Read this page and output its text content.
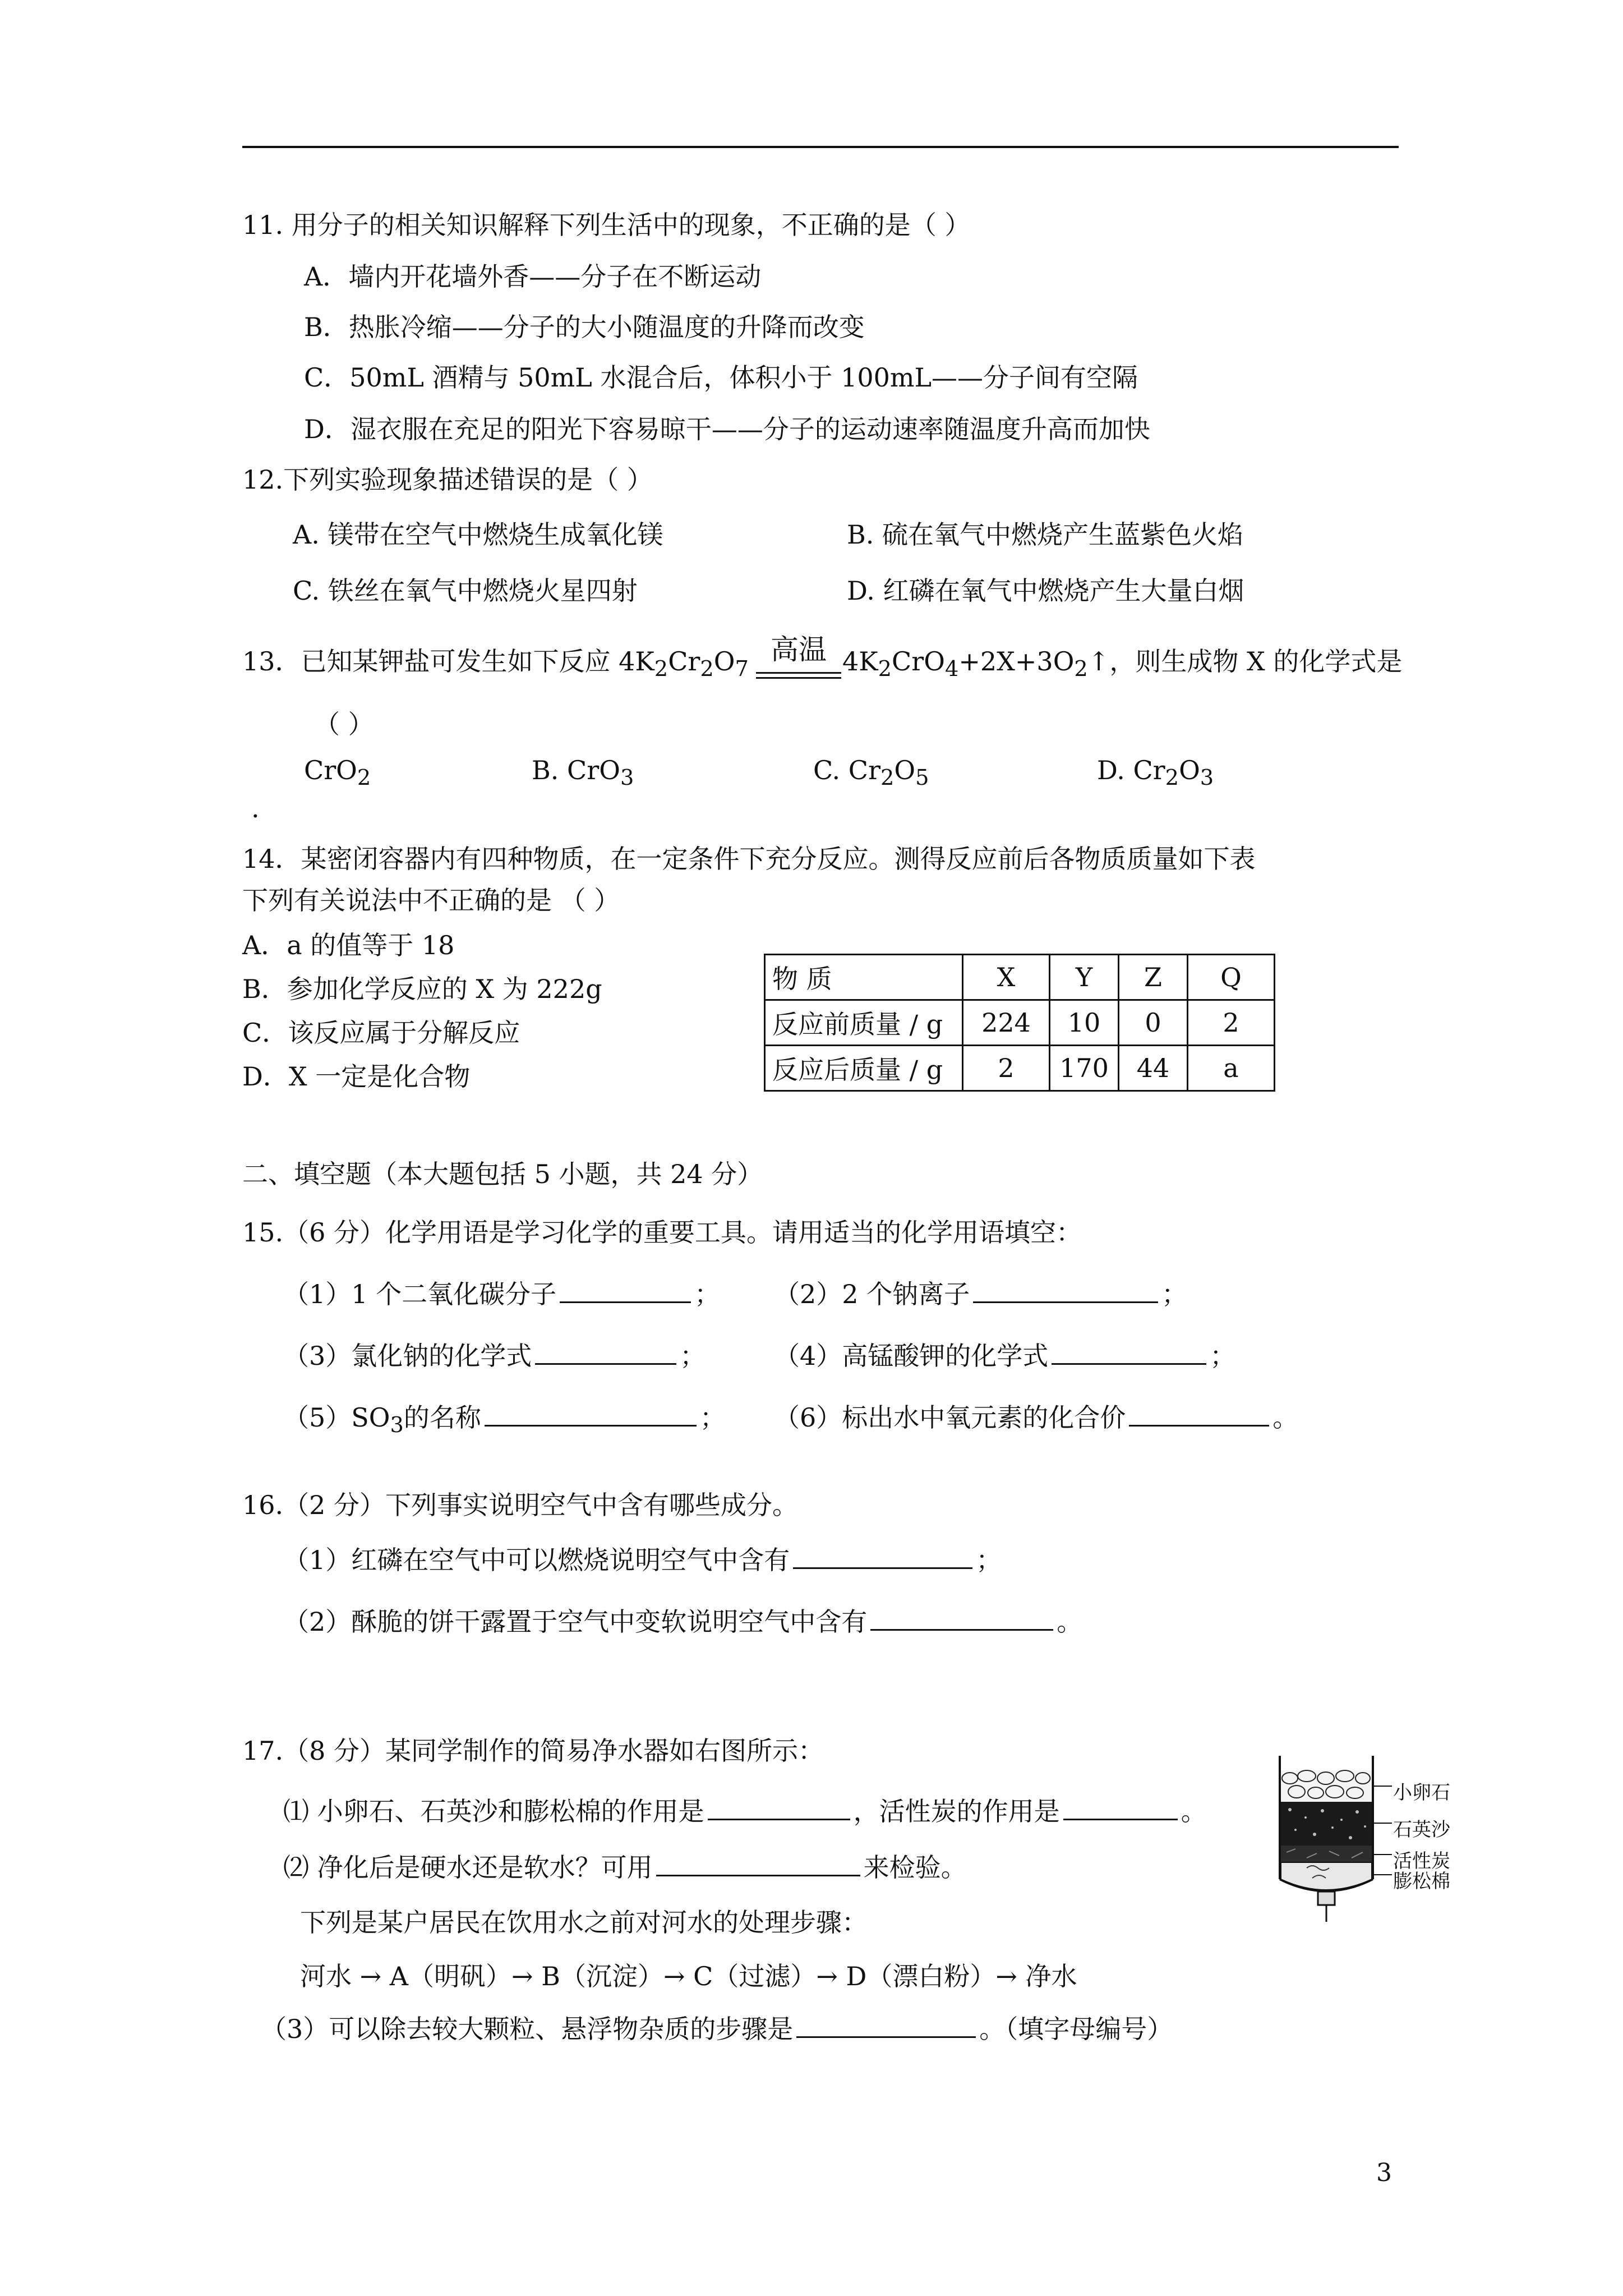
11. 用分子的相关知识解释下列生活中的现象，不正确的是（ ）
A．墙内开花墙外香——分子在不断运动
B．热胀冷缩——分子的大小随温度的升降而改变
C．50mL 酒精与 50mL 水混合后，体积小于 100mL——分子间有空隔
D．湿衣服在充足的阳光下容易晾干——分子的运动速率随温度升高而加快
12.下列实验现象描述错误的是（ ）
A. 镁带在空气中燃烧生成氧化镁	B. 硫在氧气中燃烧产生蓝紫色火焰
C. 铁丝在氧气中燃烧火星四射	D. 红磷在氧气中燃烧产生大量白烟
13．已知某钾盐可发生如下反应 $4K_2Cr_2O_7$
高温 $4K_2CrO_4+2X+3O_2↑$，则生成物 X 的化学式是
（ ）
CrO$_2$	B. CrO$_3$	C. $Cr_2O_5$	D. $Cr_2O_3$
.
14．某密闭容器内有四种物质，在一定条件下充分反应。测得反应前后各物质质量如下表
下列有关说法中不正确的是 （ ）
A．a 的值等于 18
B．参加化学反应的 X 为 222g
C．该反应属于分解反应
D．X 一定是化合物
物 质	X	Y	Z	Q
反应前质量 / g	224	10	0	2
反应后质量 / g	2	170	44	a
二、填空题（本大题包括 5 小题，共 24 分）
15.（6 分）化学用语是学习化学的重要工具。请用适当的化学用语填空：
（1）1 个二氧化碳分子	； （2）2 个钠离子	；
（3）氯化钠的化学式	；	（4）高锰酸钾的化学式	；
$(5)SO_3$的名称	； （6）标出水中氧元素的化合价	。
16.（2 分）下列事实说明空气中含有哪些成分。
（1）红磷在空气中可以燃烧说明空气中含有	；
（2）酥脆的饼干露置于空气中变软说明空气中含有	。
17.（8 分）某同学制作的简易净水器如右图所示：
⑴ 小卵石、石英沙和膨松棉的作用是	，活性炭的作用是	。
⑵ 净化后是硬水还是软水？可用	来检验。
下列是某户居民在饮用水之前对河水的处理步骤：
河水 → A（明矾）→ B（沉淀）→ C（过滤）→ D（漂白粉）→ 净水
（3）可以除去较大颗粒、悬浮物杂质的步骤是	。（填字母编号）
小卵石
石英沙
活性炭
膨松棉
3
